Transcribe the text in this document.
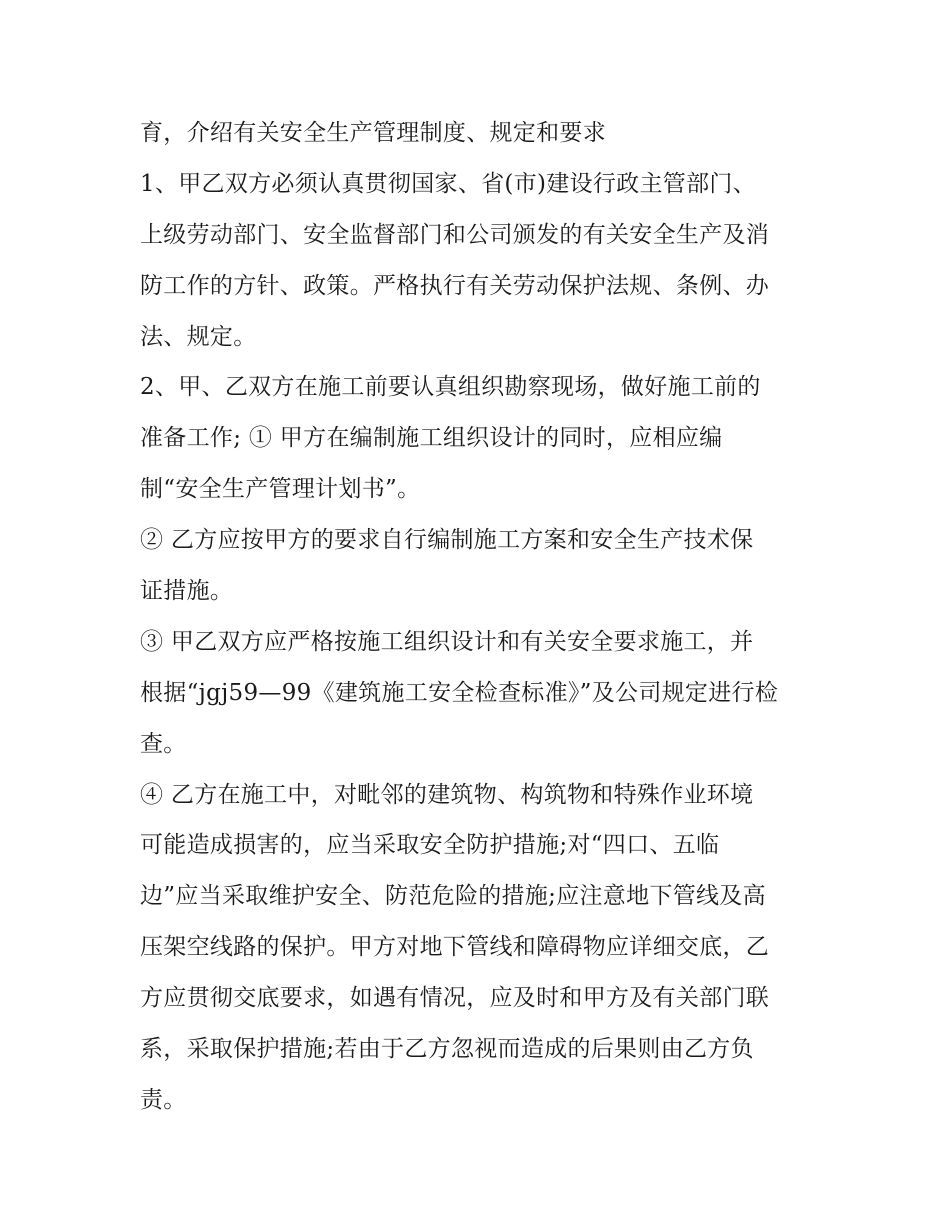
育，介绍有关安全生产管理制度、规定和要求
1、甲乙双方必须认真贯彻国家、省(市)建设行政主管部门、
上级劳动部门、安全监督部门和公司颁发的有关安全生产及消
防工作的方针、政策。严格执行有关劳动保护法规、条例、办
法、规定。
2、甲、乙双方在施工前要认真组织勘察现场，做好施工前的
准备工作; ① 甲方在编制施工组织设计的同时，应相应编
制“安全生产管理计划书”。
② 乙方应按甲方的要求自行编制施工方案和安全生产技术保
证措施。
③ 甲乙双方应严格按施工组织设计和有关安全要求施工，并
根据“jgj59—99《建筑施工安全检查标准》”及公司规定进行检
查。
④ 乙方在施工中，对毗邻的建筑物、构筑物和特殊作业环境
可能造成损害的，应当采取安全防护措施;对“四口、五临
边”应当采取维护安全、防范危险的措施;应注意地下管线及高
压架空线路的保护。甲方对地下管线和障碍物应详细交底，乙
方应贯彻交底要求，如遇有情况，应及时和甲方及有关部门联
系，采取保护措施;若由于乙方忽视而造成的后果则由乙方负
责。
